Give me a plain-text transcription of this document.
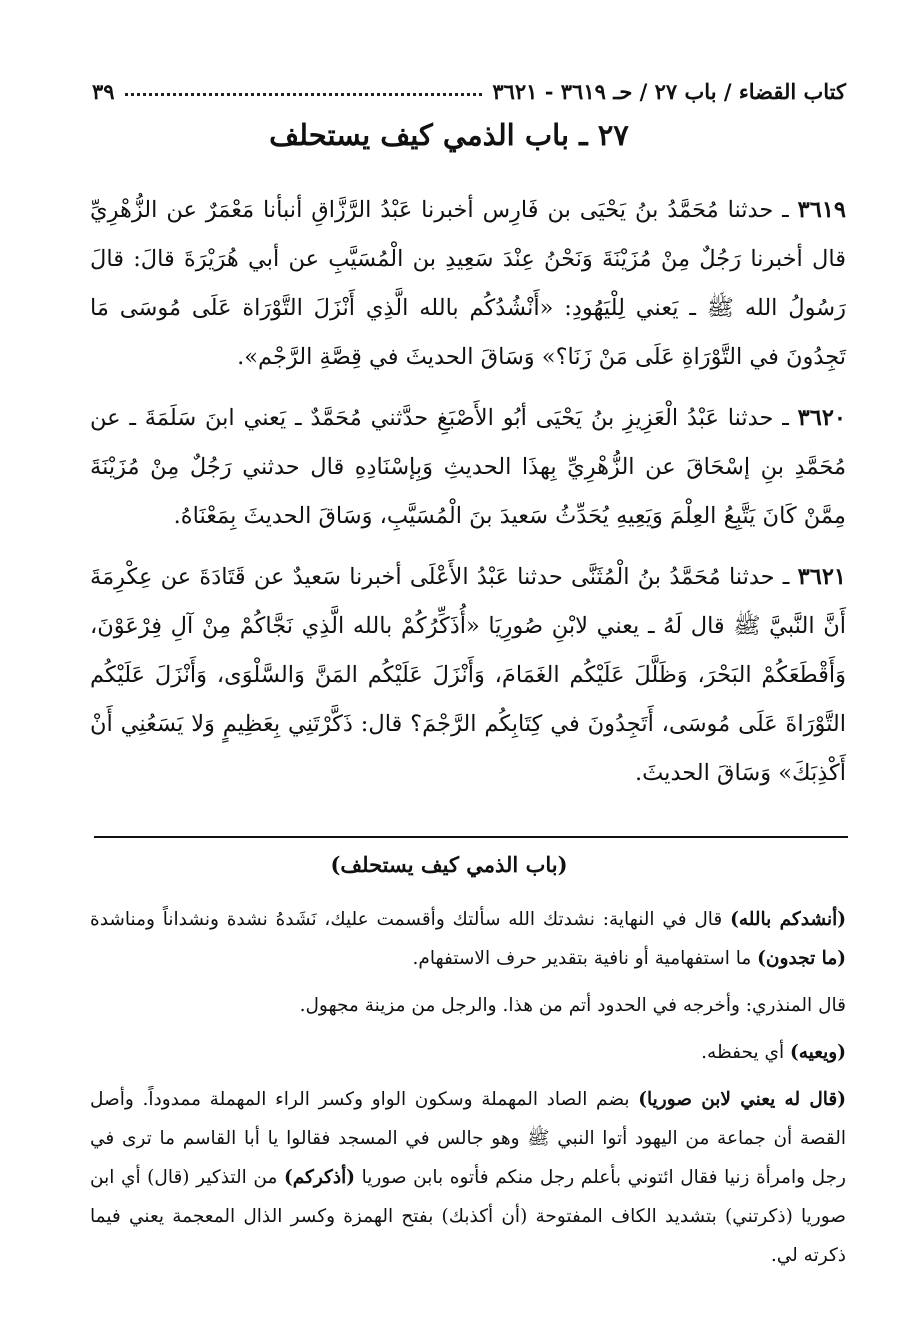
كتاب القضاء / باب ٢٧ / حـ ٣٦١٩ - ٣٦٢١
٣٩
٢٧ ـ باب الذمي كيف يستحلف

٣٦١٩ ـ حدثنا مُحَمَّدُ بنُ يَحْيَى بن فَارِس أخبرنا عَبْدُ الرَّزَّاقِ أنبأنا مَعْمَرٌ عن الزُّهْرِيِّ قال أخبرنا رَجُلٌ مِنْ مُزَيْنَةَ وَنَحْنُ عِنْدَ سَعِيدِ بن الْمُسَيَّبِ عن أبي هُرَيْرَةَ قالَ: قالَ رَسُولُ الله ﷺ ـ يَعني لِلْيَهُودِ: «أَنْشُدُكُم بالله الَّذِي أَنْزَلَ التَّوْرَاة عَلَى مُوسَى مَا تَجِدُونَ في التَّوْرَاةِ عَلَى مَنْ زَنَا؟» وَسَاقَ الحديثَ في قِصَّةِ الرَّجْم».

٣٦٢٠ ـ حدثنا عَبْدُ الْعَزِيزِ بنُ يَحْيَى أبُو الأَصْبَغِ حدَّثني مُحَمَّدٌ ـ يَعني ابنَ سَلَمَةَ ـ عن مُحَمَّدِ بنِ إسْحَاقَ عن الزُّهْرِيِّ بِهذَا الحديثِ وَبِإسْنَادِهِ قال حدثني رَجُلٌ مِنْ مُزَيْنَةَ مِمَّنْ كَانَ يَتَّبِعُ العِلْمَ وَيَعِيهِ يُحَدِّثُ سَعيدَ بنَ الْمُسَيَّبِ، وَسَاقَ الحديثَ بِمَعْنَاهُ.

٣٦٢١ ـ حدثنا مُحَمَّدُ بنُ الْمُثَنَّى حدثنا عَبْدُ الأَعْلَى أخبرنا سَعيدٌ عن قَتَادَةَ عن عِكْرِمَةَ أَنَّ النَّبيَّ ﷺ قال لَهُ ـ يعني لابْنِ صُورِيَا «أُذَكِّرُكُمْ بالله الَّذِي نَجَّاكُمْ مِنْ آلِ فِرْعَوْنَ، وَأَقْطَعَكُمْ البَحْرَ، وَظَلَّلَ عَلَيْكُم الغَمَامَ، وَأَنْزَلَ عَلَيْكُم المَنَّ وَالسَّلْوَى، وَأَنْزَلَ عَلَيْكُم التَّوْرَاةَ عَلَى مُوسَى، أَتَجِدُونَ في كِتَابِكُم الرَّجْمَ؟ قال: ذَكَّرْتَنِي بِعَظِيمٍ وَلا يَسَعُنِي أَنْ أَكْذِبَكَ» وَسَاقَ الحديثَ.

(باب الذمي كيف يستحلف)

(أنشدكم بالله) قال في النهاية: نشدتك الله سألتك وأقسمت عليك، نَشَدهُ نشدة ونشداناً ومناشدة (ما تجدون) ما استفهامية أو نافية بتقدير حرف الاستفهام.

قال المنذري: وأخرجه في الحدود أتم من هذا. والرجل من مزينة مجهول.

(ويعيه) أي يحفظه.

(قال له يعني لابن صوريا) بضم الصاد المهملة وسكون الواو وكسر الراء المهملة ممدوداً. وأصل القصة أن جماعة من اليهود أتوا النبي ﷺ وهو جالس في المسجد فقالوا يا أبا القاسم ما ترى في رجل وامرأة زنيا فقال ائتوني بأعلم رجل منكم فأتوه بابن صوريا (أذكركم) من التذكير (قال) أي ابن صوريا (ذكرتني) بتشديد الكاف المفتوحة (أن أكذبك) بفتح الهمزة وكسر الذال المعجمة يعني فيما ذكرته لي.
